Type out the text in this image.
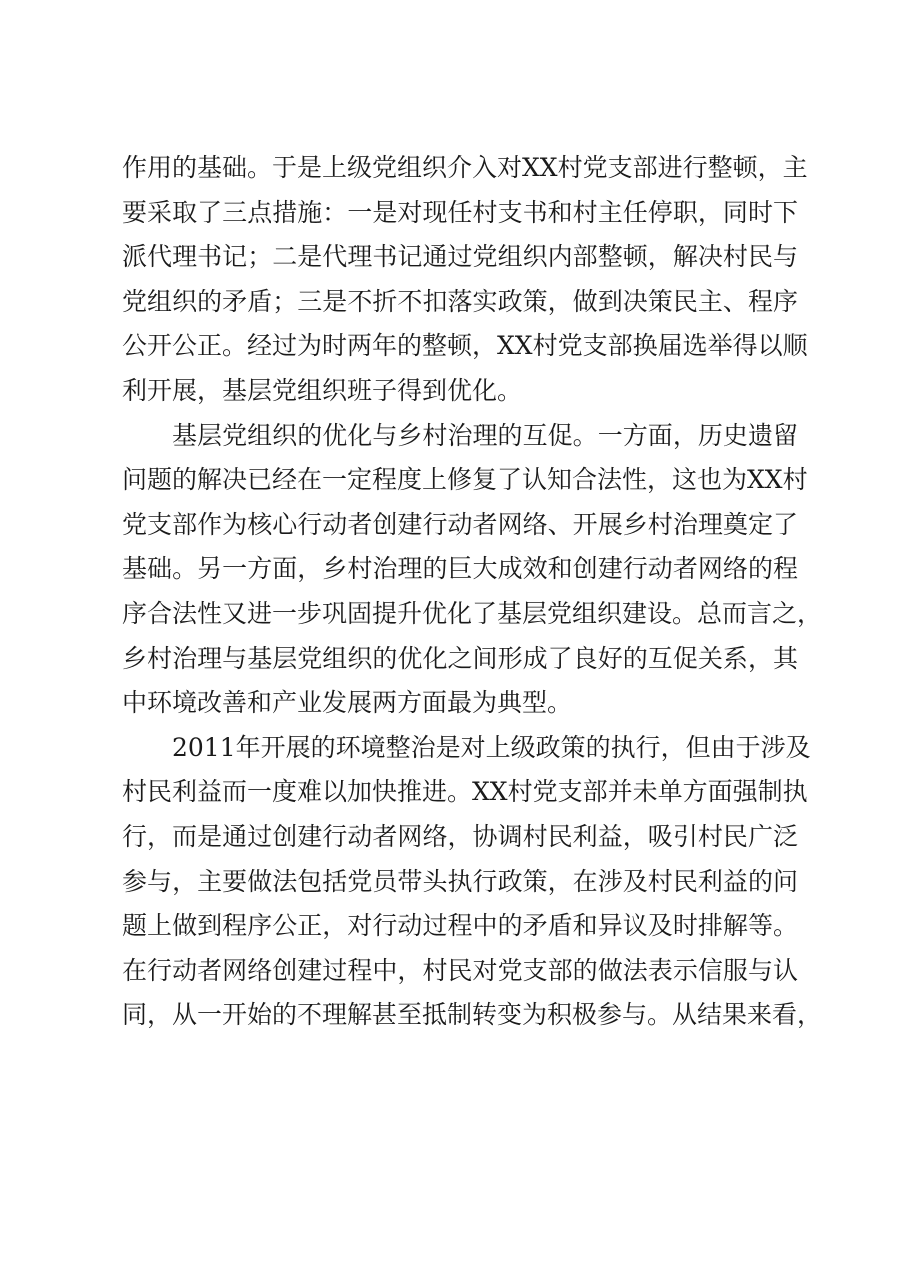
作用的基础。于是上级党组织介入对XX村党支部进行整顿，主
要采取了三点措施：一是对现任村支书和村主任停职，同时下
派代理书记；二是代理书记通过党组织内部整顿，解决村民与
党组织的矛盾；三是不折不扣落实政策，做到决策民主、程序
公开公正。经过为时两年的整顿，XX村党支部换届选举得以顺
利开展，基层党组织班子得到优化。
基层党组织的优化与乡村治理的互促。一方面，历史遗留
问题的解决已经在一定程度上修复了认知合法性，这也为XX村
党支部作为核心行动者创建行动者网络、开展乡村治理奠定了
基础。另一方面，乡村治理的巨大成效和创建行动者网络的程
序合法性又进一步巩固提升优化了基层党组织建设。总而言之，
乡村治理与基层党组织的优化之间形成了良好的互促关系，其
中环境改善和产业发展两方面最为典型。
2011年开展的环境整治是对上级政策的执行，但由于涉及
村民利益而一度难以加快推进。XX村党支部并未单方面强制执
行，而是通过创建行动者网络，协调村民利益，吸引村民广泛
参与，主要做法包括党员带头执行政策，在涉及村民利益的问
题上做到程序公正，对行动过程中的矛盾和异议及时排解等。
在行动者网络创建过程中，村民对党支部的做法表示信服与认
同，从一开始的不理解甚至抵制转变为积极参与。从结果来看，
